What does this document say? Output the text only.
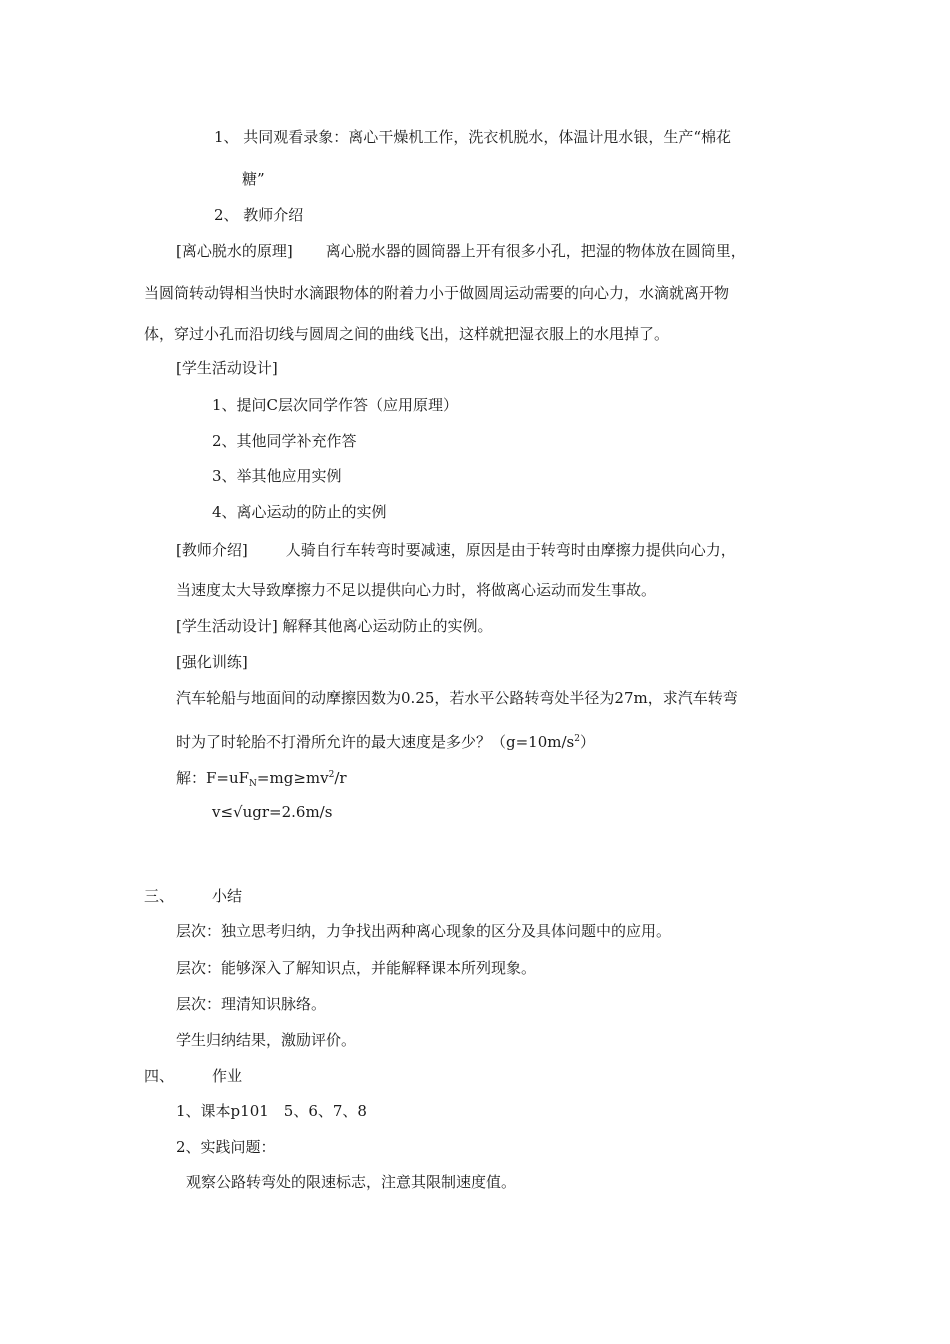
1、 共同观看录象：离心干燥机工作，洗衣机脱水，体温计甩水银，生产“棉花
糖”
2、 教师介绍
[离心脱水的原理] 离心脱水器的圆筒器上开有很多小孔，把湿的物体放在圆筒里，
当圆筒转动锝相当快时水滴跟物体的附着力小于做圆周运动需要的向心力，水滴就离开物
体，穿过小孔而沿切线与圆周之间的曲线飞出，这样就把湿衣服上的水甩掉了。
[学生活动设计]
1、提问C层次同学作答（应用原理）
2、其他同学补充作答
3、举其他应用实例
4、离心运动的防止的实例
[教师介绍]	人骑自行车转弯时要减速，原因是由于转弯时由摩擦力提供向心力，
当速度太大导致摩擦力不足以提供向心力时，将做离心运动而发生事故。
[学生活动设计] 解释其他离心运动防止的实例。
[强化训练]
汽车轮船与地面间的动摩擦因数为0.25，若水平公路转弯处半径为27m，求汽车转弯
时为了时轮胎不打滑所允许的最大速度是多少？$(g=10m/s^2)$
解：$F=uF_N=mg\ge mv^2/r$
v≤√ugr=2.6m/s
三、	小结
层次：独立思考归纳，力争找出两种离心现象的区分及具体问题中的应用。
层次：能够深入了解知识点，并能解释课本所列现象。
层次：理清知识脉络。
学生归纳结果，激励评价。
四、	作业
1、课本p101　5、6、7、8
2、实践问题：
观察公路转弯处的限速标志，注意其限制速度值。
